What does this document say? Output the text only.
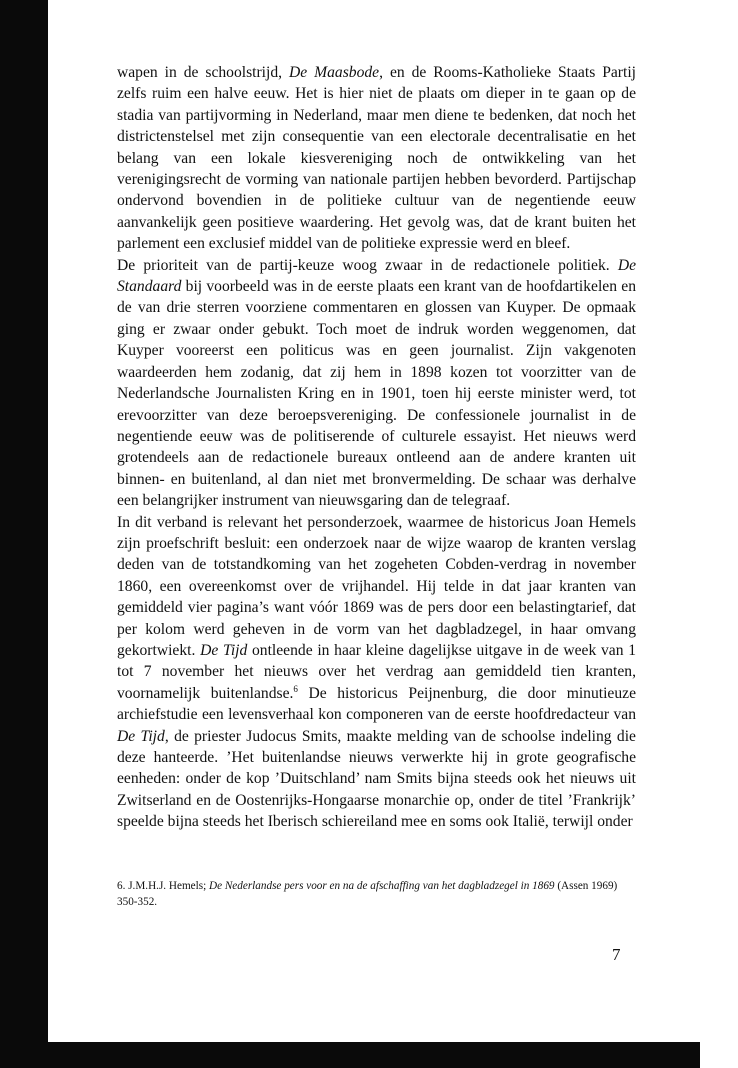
wapen in de schoolstrijd, De Maasbode, en de Rooms-Katholieke Staats Partij zelfs ruim een halve eeuw. Het is hier niet de plaats om dieper in te gaan op de stadia van partijvorming in Nederland, maar men diene te bedenken, dat noch het districtenstelsel met zijn consequentie van een electorale decentralisatie en het belang van een lokale kiesvereniging noch de ontwikkeling van het verenigingsrecht de vorming van nationale partijen hebben bevorderd. Partijschap ondervond bovendien in de politieke cultuur van de negentiende eeuw aanvankelijk geen positieve waardering. Het gevolg was, dat de krant buiten het parlement een exclusief middel van de politieke expressie werd en bleef.

De prioriteit van de partij-keuze woog zwaar in de redactionele politiek. De Standaard bij voorbeeld was in de eerste plaats een krant van de hoofdartikelen en de van drie sterren voorziene commentaren en glossen van Kuyper. De opmaak ging er zwaar onder gebukt. Toch moet de indruk worden weggenomen, dat Kuyper vooreerst een politicus was en geen journalist. Zijn vakgenoten waardeerden hem zodanig, dat zij hem in 1898 kozen tot voorzitter van de Nederlandsche Journalisten Kring en in 1901, toen hij eerste minister werd, tot erevoorzitter van deze beroepsvereniging. De confessionele journalist in de negentiende eeuw was de politiserende of culturele essayist. Het nieuws werd grotendeels aan de redactionele bureaux ontleend aan de andere kranten uit binnen- en buitenland, al dan niet met bronvermelding. De schaar was derhalve een belangrijker instrument van nieuwsgaring dan de telegraaf.

In dit verband is relevant het personderzoek, waarmee de historicus Joan Hemels zijn proefschrift besluit: een onderzoek naar de wijze waarop de kranten verslag deden van de totstandkoming van het zogeheten Cobden-verdrag in november 1860, een overeenkomst over de vrijhandel. Hij telde in dat jaar kranten van gemiddeld vier pagina’s want vóór 1869 was de pers door een belastingtarief, dat per kolom werd geheven in de vorm van het dagbladzegel, in haar omvang gekortwiekt. De Tijd ontleende in haar kleine dagelijkse uitgave in de week van 1 tot 7 november het nieuws over het verdrag aan gemiddeld tien kranten, voornamelijk buitenlandse.$^6$ De historicus Peijnenburg, die door minutieuze archiefstudie een levensverhaal kon componeren van de eerste hoofdredacteur van De Tijd, de priester Judocus Smits, maakte melding van de schoolse indeling die deze hanteerde. ’Het buitenlandse nieuws verwerkte hij in grote geografische eenheden: onder de kop ’Duitschland’ nam Smits bijna steeds ook het nieuws uit Zwitserland en de Oostenrijks-Hongaarse monarchie op, onder de titel ’Frankrijk’ speelde bijna steeds het Iberisch schiereiland mee en soms ook Italië, terwijl onder

6. J.M.H.J. Hemels; De Nederlandse pers voor en na de afschaffing van het dagbladzegel in 1869 (Assen 1969) 350-352.
7
